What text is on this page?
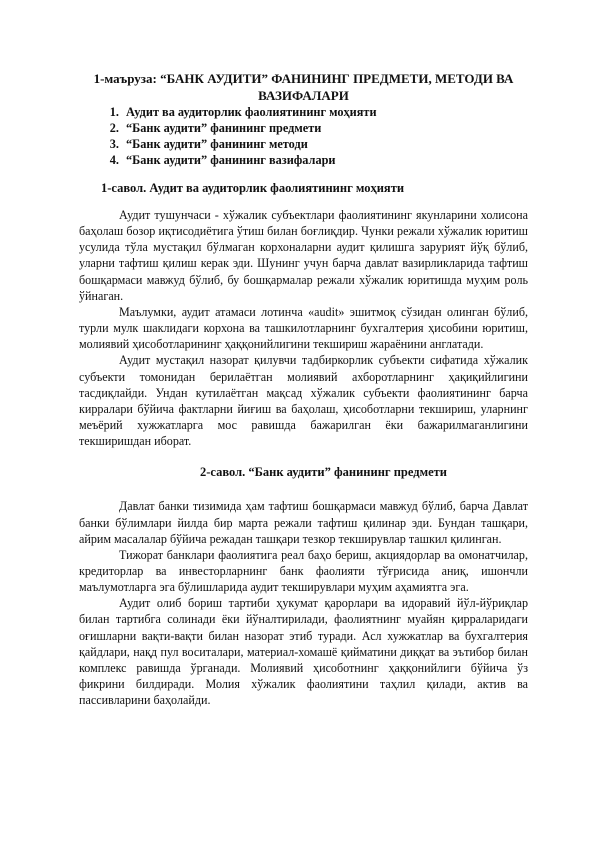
1-маъруза: “БАНК АУДИТИ” ФАНИНИНГ ПРЕДМЕТИ, МЕТОДИ ВА ВАЗИФАЛАРИ
1. Аудит ва аудиторлик фаолиятининг моҳияти
2. “Банк аудити” фанининг предмети
3. “Банк аудити” фанининг методи
4. “Банк аудити” фанининг вазифалари
1-савол. Аудит ва аудиторлик фаолиятининг моҳияти

Аудит тушунчаси - хўжалик субъектлари фаолиятининг якунларини холисона баҳолаш бозор иқтисодиётига ўтиш билан боғлиқдир. Чунки режали хўжалик юритиш усулида тўла мустақил бўлмаган корхоналарни аудит қилишга зарурият йўқ бўлиб, уларни тафтиш қилиш керак эди. Шунинг учун барча давлат вазирликларида тафтиш бошқармаси мавжуд бўлиб, бу бошқармалар режали хўжалик юритишда муҳим роль ўйнаган.

Маълумки, аудит атамаси лотинча «audit» эшитмоқ сўзидан олинган бўлиб, турли мулк шаклидаги корхона ва ташкилотларнинг бухгалтерия ҳисобини юритиш, молиявий ҳисоботларининг ҳаққонийлигини текшириш жараёнини англатади.

Аудит мустақил назорат қилувчи тадбиркорлик субъекти сифатида хўжалик субъекти томонидан берилаётган молиявий ахборотларнинг ҳақиқийлигини тасдиқлайди. Ундан кутилаётган мақсад хўжалик субъекти фаолиятининг барча кирралари бўйича фактларни йиғиш ва баҳолаш, ҳисоботларни текшириш, уларнинг меъёрий хужжатларга мос равишда бажарилган ёки бажарилмаганлигини текширишдан иборат.

2-савол. “Банк аудити” фанининг предмети

Давлат банки тизимида ҳам тафтиш бошқармаси мавжуд бўлиб, барча Давлат банки бўлимлари йилда бир марта режали тафтиш қилинар эди. Бундан ташқари, айрим масалалар бўйича режадан ташқари тезкор текширувлар ташкил қилинган.

Тижорат банклари фаолиятига реал баҳо бериш, акциядорлар ва омонатчилар, кредиторлар ва инвесторларнинг банк фаолияти тўғрисида аниқ, ишончли маълумотларга эга бўлишларида аудит текширувлари муҳим аҳамиятга эга.

Аудит олиб бориш тартиби ҳукумат қарорлари ва идоравий йўл-йўриқлар билан тартибга солинади ёки йўналтирилади, фаолиятнинг муайян қирраларидаги оғишларни вақти-вақти билан назорат этиб туради. Асл хужжатлар ва бухгалтерия қайдлари, нақд пул воситалари, материал-хомашё қийматини диққат ва эътибор билан комплекс равишда ўрганади. Молиявий ҳисоботнинг ҳаққонийлиги бўйича ўз фикрини билдиради. Молия хўжалик фаолиятини таҳлил қилади, актив ва пассивларини баҳолайди.
